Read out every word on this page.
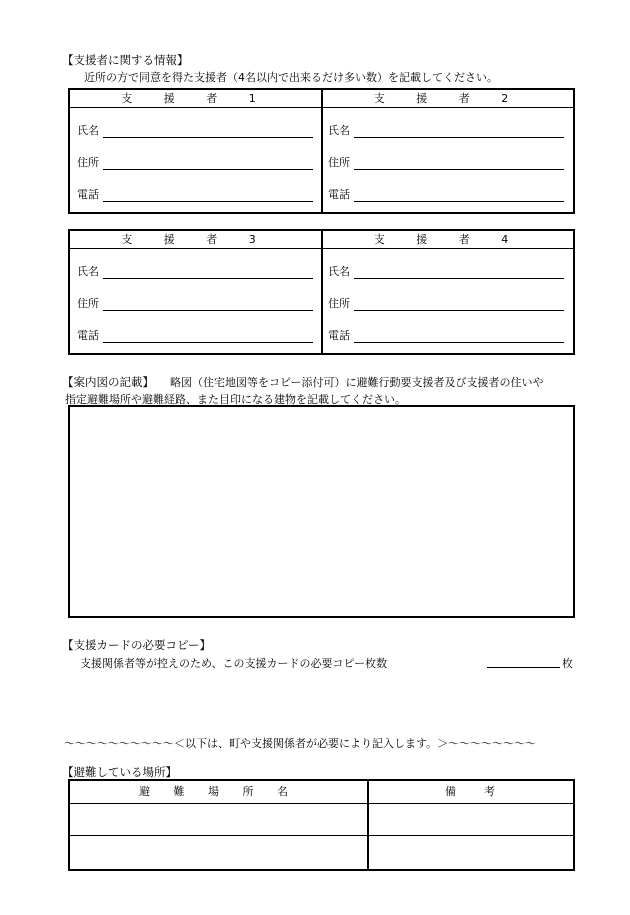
【支援者に関する情報】
近所の方で同意を得た支援者（4名以内で出来るだけ多い数）を記載してください。
支 援 者 1	支 援 者 2
氏名
住所
電話
氏名
住所
電話
支 援 者 3	支 援 者 4
氏名
住所
電話
氏名
住所
電話
【案内図の記載】 略図（住宅地図等をコピー添付可）に避難行動要支援者及び支援者の住いや
指定避難場所や避難経路、また目印になる建物を記載してください。
【支援カードの必要コピー】
支援関係者等が控えのため、この支援カードの必要コピー枚数	枚
～～～～～～～～～～＜以下は、町や支援関係者が必要により記入します。＞～～～～～～～～
【避難している場所】
避 難 場 所 名	備　　考
